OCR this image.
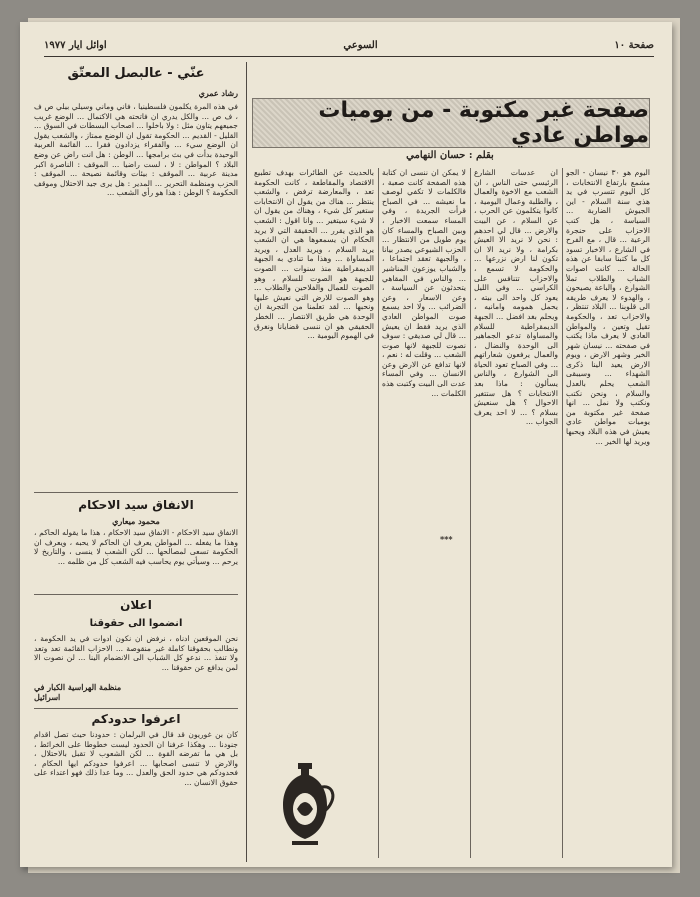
صفحة ١٠
السوعي
اوائل ايار ١٩٧٧
صفحة غير مكتوبة - من يوميات مواطن عادي
بقلم : حسان النهامي
اليوم هو ٣٠ نيسان - الجو مشمع بارتفاع الانتخابات ، كل اليوم تتسرب في يد هذي سنة السلام - اين الجيوش الضاربة ... السياسة ، هل كتب الاحزاب على حنجرة الرعية ... قال ، مع الفرح في الشارع ، الاخبار تسود كل ما كتبنا سابقا عن هذه الحالة ... كانت اصوات الشباب والطلاب تملأ الشوارع ، والباعة يصيحون ، والهدوء لا يعرف طريقه الى قلوبنا ... البلاد تنتظر ، والاحزاب تعد ، والحكومة تقيل وتعين ، والمواطن العادي لا يعرف ماذا يكتب في صفحته ... نيسان شهر الخير وشهر الارض ، ويوم الارض يعيد الينا ذكرى الشهداء ... وسيبقى الشعب يحلم بالعدل والسلام ، ونحن نكتب ونكتب ولا نمل ... انها صفحة غير مكتوبة من يوميات مواطن عادي يعيش في هذه البلاد ويحبها ويريد لها الخير ...
ان عدسات الشارع الرئيسي حتى الناس ، ان الشعب مع الاخوة والعمال ، والطلبة وعمال اليومية ، كانوا يتكلمون عن الحرب ، عن السلام ، عن البيت والارض ... قال لي احدهم : نحن لا نريد الا العيش بكرامة ، ولا نريد الا ان تكون لنا ارض نزرعها ... والحكومة لا تسمع ، والاحزاب تتنافس على الكراسي ... وفي الليل يعود كل واحد الى بيته ، يحمل همومه وامانيه ، ويحلم بغد افضل ... الجبهة الديمقراطية للسلام والمساواة تدعو الجماهير الى الوحدة والنضال ، والعمال يرفعون شعاراتهم ... وفي الصباح تعود الحياة الى الشوارع ، والناس يسألون : ماذا بعد الانتخابات ؟ هل ستتغير الاحوال ؟ هل سنعيش بسلام ؟ ... لا احد يعرف الجواب ...
لا يمكن ان ننسى ان كتابة هذه الصفحة كانت صعبة ، فالكلمات لا تكفي لوصف ما نعيشه ... في الصباح قرأت الجريدة ، وفي المساء سمعت الاخبار ، وبين الصباح والمساء كان يوم طويل من الانتظار ... الحزب الشيوعي يصدر بيانا ، والجبهة تعقد اجتماعا ، والشباب يوزعون المناشير ... والناس في المقاهي يتحدثون عن السياسة ، وعن الاسعار ، وعن الضرائب ... ولا احد يسمع صوت المواطن العادي الذي يريد فقط ان يعيش ... قال لي صديقي : سوف نصوت للجبهة لانها صوت الشعب ... وقلت له : نعم ، لانها تدافع عن الارض وعن الانسان ... وفي المساء عدت الى البيت وكتبت هذه الكلمات ...
بالحديث عن الطائرات بهدف تطبيع الاقتصاد والمقاطعة ، كانت الحكومة تعد ، والمعارضة ترفض ، والشعب ينتظر ... هناك من يقول ان الانتخابات ستغير كل شيء ، وهناك من يقول ان لا شيء سيتغير ... وانا اقول : الشعب هو الذي يقرر ... الحقيقة التي لا يريد الحكام ان يسمعوها هي ان الشعب يريد السلام ، ويريد العدل ، ويريد المساواة ... وهذا ما تنادي به الجبهة الديمقراطية منذ سنوات ... الصوت للجبهة هو الصوت للسلام ، وهو الصوت للعمال والفلاحين والطلاب ... وهو الصوت للارض التي نعيش عليها ونحبها ... لقد تعلمنا من التجربة ان الوحدة هي طريق الانتصار ... الخطر الحقيقي هو ان ننسى قضايانا ونغرق في الهموم اليومية ...
***
عنّي - عالبصل المعتّق
رشاد عمري
في هذه المرة يكلمون فلسطينيا ، فاني وماني وسيلي بيلي ص ف ، ف ص ... والكل يدري ان فاتحته هي الاكتمال ... الوضع غريب جميعهم يتاون مثل : ولا باخلوا ... اصحاب البسطات في السوق ... القليل - القديم ... الحكومة تقول ان الوضع ممتاز ، والشعب يقول ان الوضع سيء ... والفقراء يزدادون فقرا ... القائمة العربية الوحيدة بدأت في بث برامجها ... الوطن : هل انت راض عن وضع البلاد ؟ المواطن : لا ، لست راضيا ... الموقف : الناصرة اكبر مدينة عربية ... الموقف : بيئات وقائمة نصيحة ... الموقف : الحزب ومنظمة التحرير ... المدير : هل يرى جيد الاحتلال وموقف الحكومة ؟ الوطن : هذا هو رأي الشعب ...
الانفاق سيد الاحكام
محمود ميعاري
الانفاق سيد الاحكام - الانفاق سيد الاحكام ، هذا ما يقوله الحاكم ، وهذا ما يفعله ... المواطن يعرف ان الحاكم لا يحبه ، ويعرف ان الحكومة تسعى لمصالحها ... لكن الشعب لا ينسى ، والتاريخ لا يرحم ... وسيأتي يوم يحاسب فيه الشعب كل من ظلمه ...
اعلان
انضموا الى حقوقنا
نحن الموقعين ادناه ، نرفض ان نكون ادوات في يد الحكومة ، ونطالب بحقوقنا كاملة غير منقوصة ... الاحزاب القائمة تعد وتعد ولا تنفذ ... ندعو كل الشباب الى الانضمام الينا ... لن نصوت الا لمن يدافع عن حقوقنا ...
منظمة الهراسية الكبار في اسرائيل
اعرفوا حدودكم
كان بن غوريون قد قال في البرلمان : حدودنا حيث تصل اقدام جنودنا ... وهكذا عرفنا ان الحدود ليست خطوطا على الخرائط ، بل هي ما تفرضه القوة ... لكن الشعوب لا تقبل بالاحتلال ، والارض لا تنسى اصحابها ... اعرفوا حدودكم ايها الحكام ، فحدودكم هي حدود الحق والعدل ... وما عدا ذلك فهو اعتداء على حقوق الانسان ...
